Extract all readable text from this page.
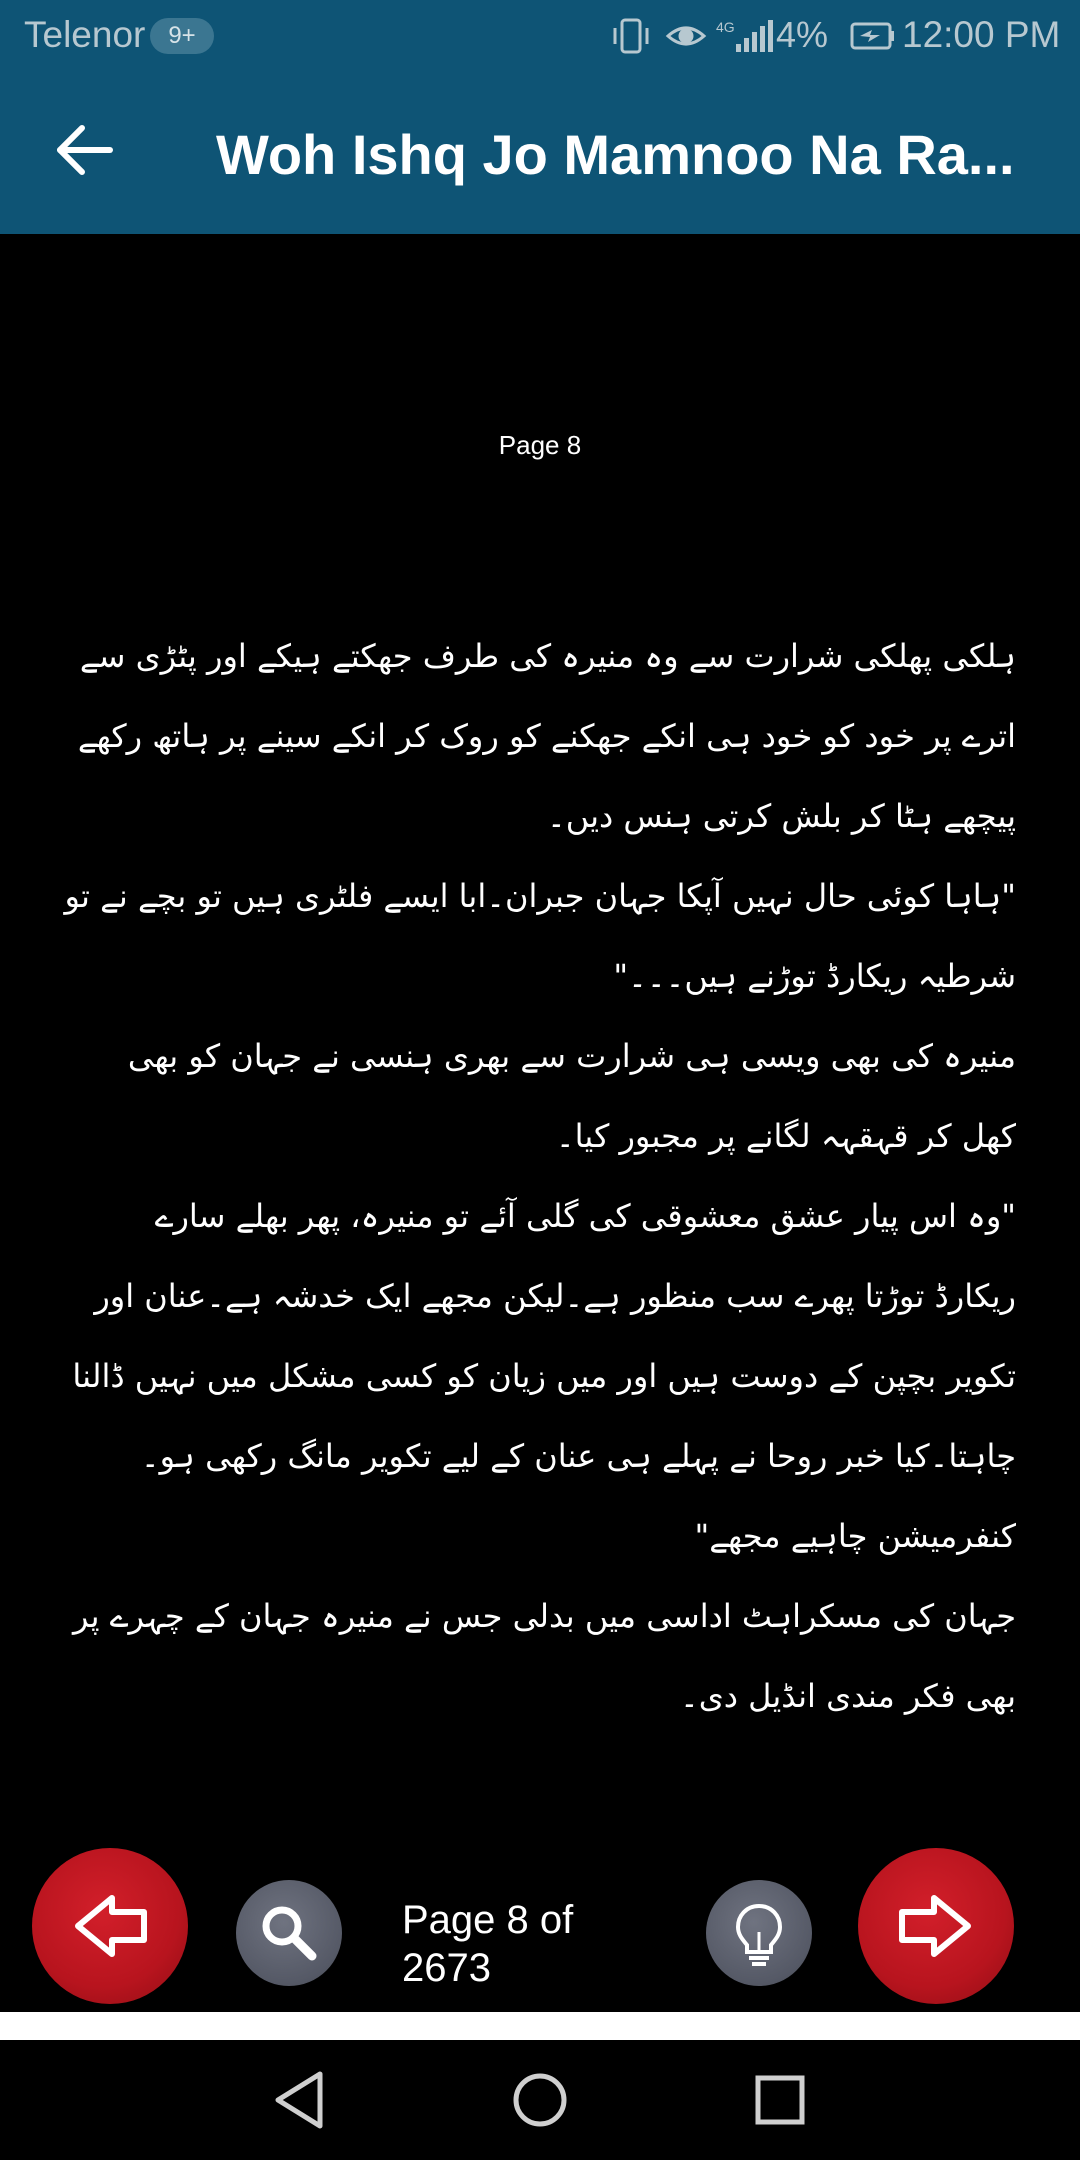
Telenor 9+	4G 4% 12:00 PM
Woh Ishq Jo Mamnoo Na Ra...
Page 8

ہلکی پھلکی شرارت سے وہ منیرہ کی طرف جھکتے ہیکے اور پٹڑی سے اترے پر خود کو خود ہی انکے جھکنے کو روک کر انکے سینے پر ہاتھ رکھے پیچھے ہٹا کر بلش کرتی ہنس دیں۔

"ہاہا کوئی حال نہیں آپکا جہان جبران۔ابا ایسے فلٹری ہیں تو بچے نے تو شرطیہ ریکارڈ توڑنے ہیں۔۔۔"

منیرہ کی بھی ویسی ہی شرارت سے بھری ہنسی نے جہان کو بھی کھل کر قہقہہ لگانے پر مجبور کیا۔

"وہ اس پیار عشق معشوقی کی گلی آئے تو منیرہ، پھر بھلے سارے ریکارڈ توڑتا پھرے سب منظور ہے۔لیکن مجھے ایک خدشہ ہے۔عنان اور تکویر بچپن کے دوست ہیں اور میں زیان کو کسی مشکل میں نہیں ڈالنا چاہتا۔کیا خبر روحا نے پہلے ہی عنان کے لیے تکویر مانگ رکھی ہو۔کنفرمیشن چاہیے مجھے"

جہان کی مسکراہٹ اداسی میں بدلی جس نے منیرہ جہان کے چہرے پر بھی فکر مندی انڈیل دی۔

Page 8 of
2673
